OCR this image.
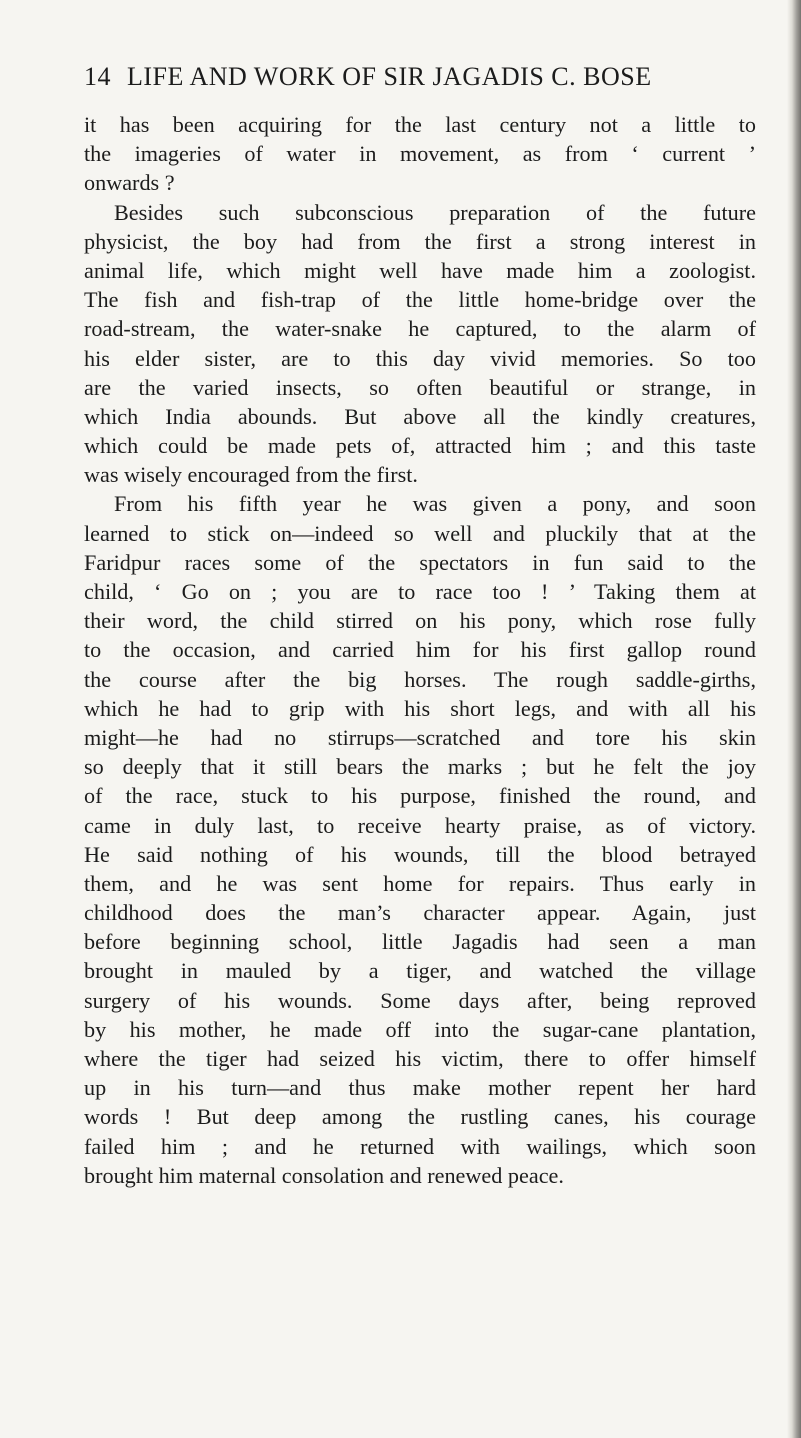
14 LIFE AND WORK OF SIR JAGADIS C. BOSE
it has been acquiring for the last century not a little to
the imageries of water in movement, as from ‘ current ’
onwards ?
Besides such subconscious preparation of the future
physicist, the boy had from the first a strong interest in
animal life, which might well have made him a zoologist.
The fish and fish-trap of the little home-bridge over the
road-stream, the water-snake he captured, to the alarm of
his elder sister, are to this day vivid memories. So too
are the varied insects, so often beautiful or strange, in
which India abounds. But above all the kindly creatures,
which could be made pets of, attracted him ; and this taste
was wisely encouraged from the first.
From his fifth year he was given a pony, and soon
learned to stick on—indeed so well and pluckily that at the
Faridpur races some of the spectators in fun said to the
child, ‘ Go on ; you are to race too ! ’ Taking them at
their word, the child stirred on his pony, which rose fully
to the occasion, and carried him for his first gallop round
the course after the big horses. The rough saddle-girths,
which he had to grip with his short legs, and with all his
might—he had no stirrups—scratched and tore his skin
so deeply that it still bears the marks ; but he felt the joy
of the race, stuck to his purpose, finished the round, and
came in duly last, to receive hearty praise, as of victory.
He said nothing of his wounds, till the blood betrayed
them, and he was sent home for repairs. Thus early in
childhood does the man’s character appear. Again, just
before beginning school, little Jagadis had seen a man
brought in mauled by a tiger, and watched the village
surgery of his wounds. Some days after, being reproved
by his mother, he made off into the sugar-cane plantation,
where the tiger had seized his victim, there to offer himself
up in his turn—and thus make mother repent her hard
words ! But deep among the rustling canes, his courage
failed him ; and he returned with wailings, which soon
brought him maternal consolation and renewed peace.
